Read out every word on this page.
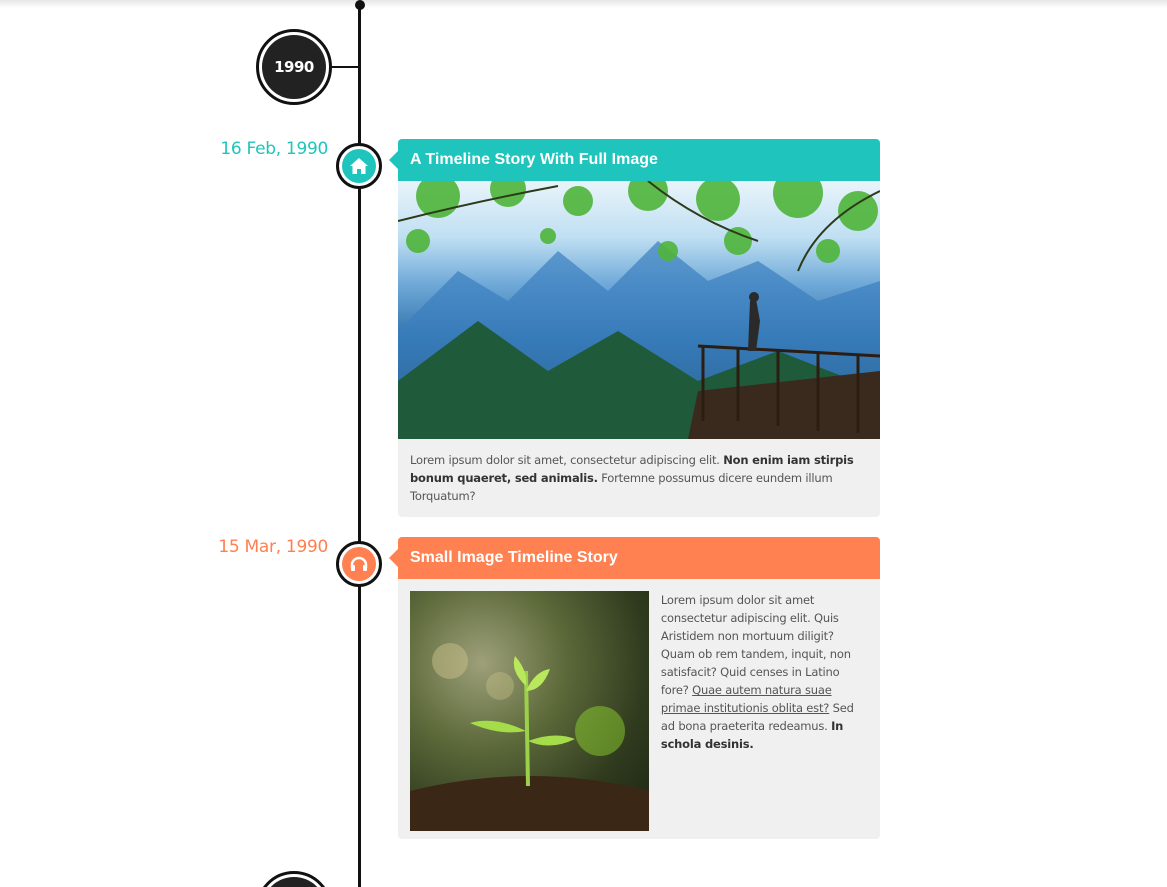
1990
16 Feb, 1990
A Timeline Story With Full Image
Lorem ipsum dolor sit amet, consectetur adipiscing elit. Non enim iam stirpis bonum quaeret, sed animalis. Fortemne possumus dicere eundem illum Torquatum?
15 Mar, 1990
Small Image Timeline Story
Lorem ipsum dolor sit amet consectetur adipiscing elit. Quis Aristidem non mortuum diligit? Quam ob rem tandem, inquit, non satisfacit? Quid censes in Latino fore? Quae autem natura suae primae institutionis oblita est? Sed ad bona praeterita redeamus. In schola desinis.
